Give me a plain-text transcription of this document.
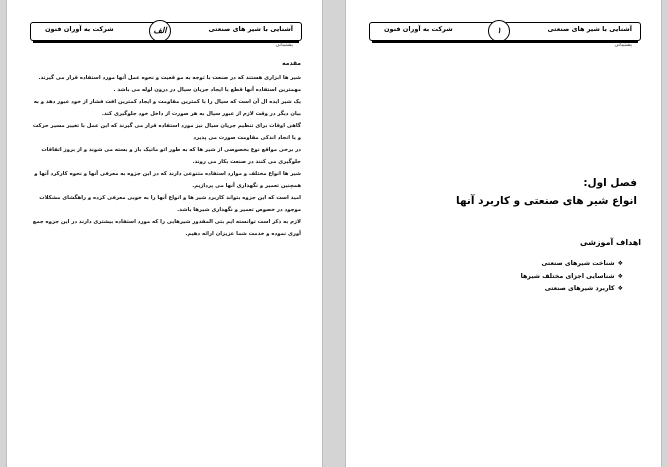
آشنایی با شیر های صنعتی
شرکت به آوران فنون	الف
پشتیبانی
مقدمه

شیر ها ابزاری هستند که در صنعت با توجه به مو قعیت و نحوه عمل آنها مورد استفاده قرار می گیرند. مهمترین استفاده آنها قطع یا ایجاد جریان سیال در درون لوله می باشد .

یک شیر ایده ال آن است که سیال را با کمترین مقاومت و ایجاد کمترین افت فشار از خود عبور دهد و به بیان دیگر در وقت لازم از عبور سیال به هر صورت از داخل خود جلوگیری کند.

گاهی اوقات برای تنظیم جریان سیال نیز مورد استفاده قرار می گیرند که این عمل با تغییر مسیر حرکت و یا انجاد اندکی مقاومت صورت می پذیرد

در برخی مواقع نوع بخصوصی از شیر ها که به طور اتو ماتیک باز و بسته می شوند و از بروز اتفاقات جلوگیری می کنند در صنعت بکار می روند.

شیر ها انواع مختلف و موارد استفاده متنوعی دارند که در این جزوه به معرفی آنها و نحوه کارکرد آنها و همچنین تعمیر و نگهداری آنها می پردازیم.

امید است که این جزوه بتواند کاربرد شیر ها و انواع آنها را به خوبی معرفی کرده و راهگشای مشکلات موجود در خصوص تعمیر و نگهداری شیرها باشد.

لازم به ذکر است توانسته ایم بتی المقدور شیرهایی را که مورد استفاده بیشتری دارند در این جزوه جمع آوری نموده و خدمت شما عزیزان ارائه دهیم.

آشنایی با شیر های صنعتی
شرکت به آوران فنون	۱
پشتیبانی
فصل اول:
انواع شیر های صنعتی و کاربرد آنها
اهداف آموزشی
❖ شناخت شیرهای صنعتی
❖ شناسایی اجزای مختلف شیرها
❖ کاربرد شیرهای صنعتی
